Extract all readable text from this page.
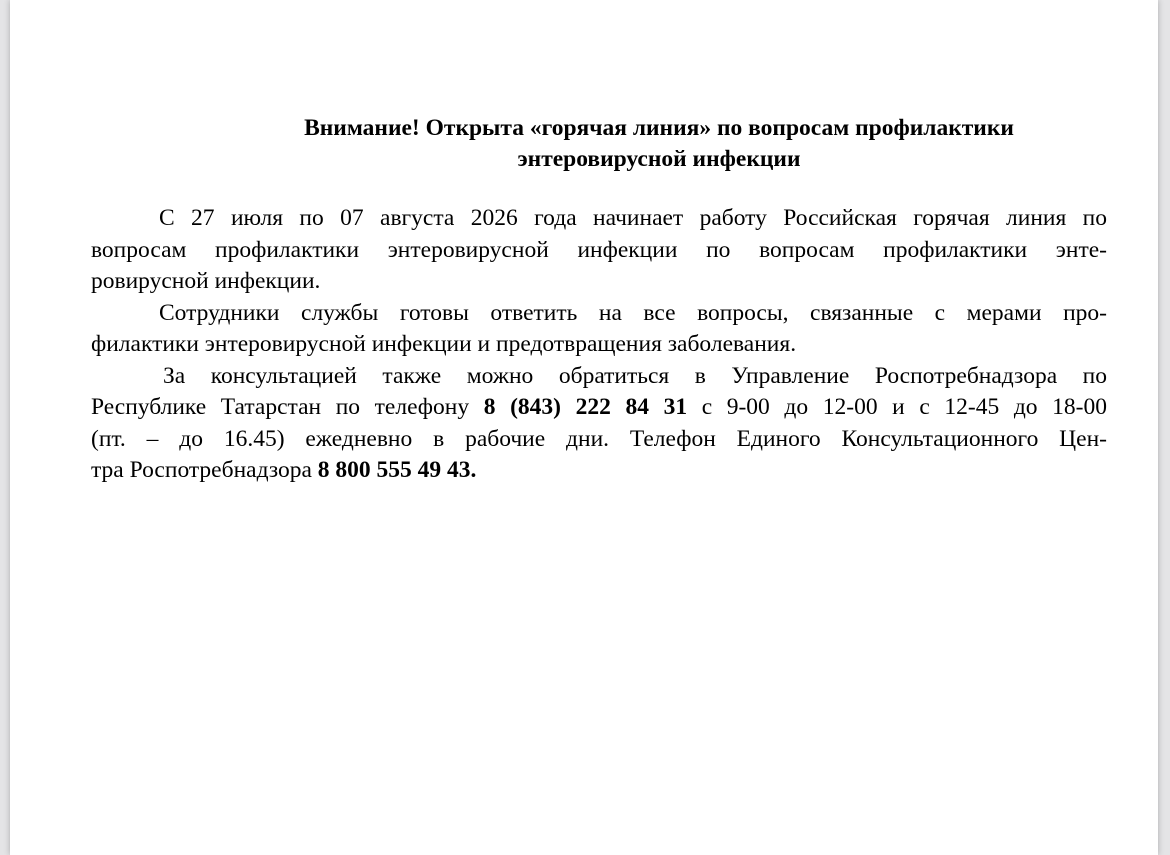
Внимание! Открыта «горячая линия» по вопросам профилактики
энтеровирусной инфекции
С 27 июля по 07 августа 2026 года начинает работу Российская горячая линия по
вопросам профилактики энтеровирусной инфекции по вопросам профилактики энте-
ровирусной инфекции.
Сотрудники службы готовы ответить на все вопросы, связанные с мерами про-
филактики энтеровирусной инфекции и предотвращения заболевания.
За консультацией также можно обратиться в Управление Роспотребнадзора по
Республике Татарстан по телефону 8 (843) 222 84 31 с 9-00 до 12-00 и с 12-45 до 18-00
(пт. – до 16.45) ежедневно в рабочие дни. Телефон Единого Консультационного Цен-
тра Роспотребнадзора 8 800 555 49 43.
